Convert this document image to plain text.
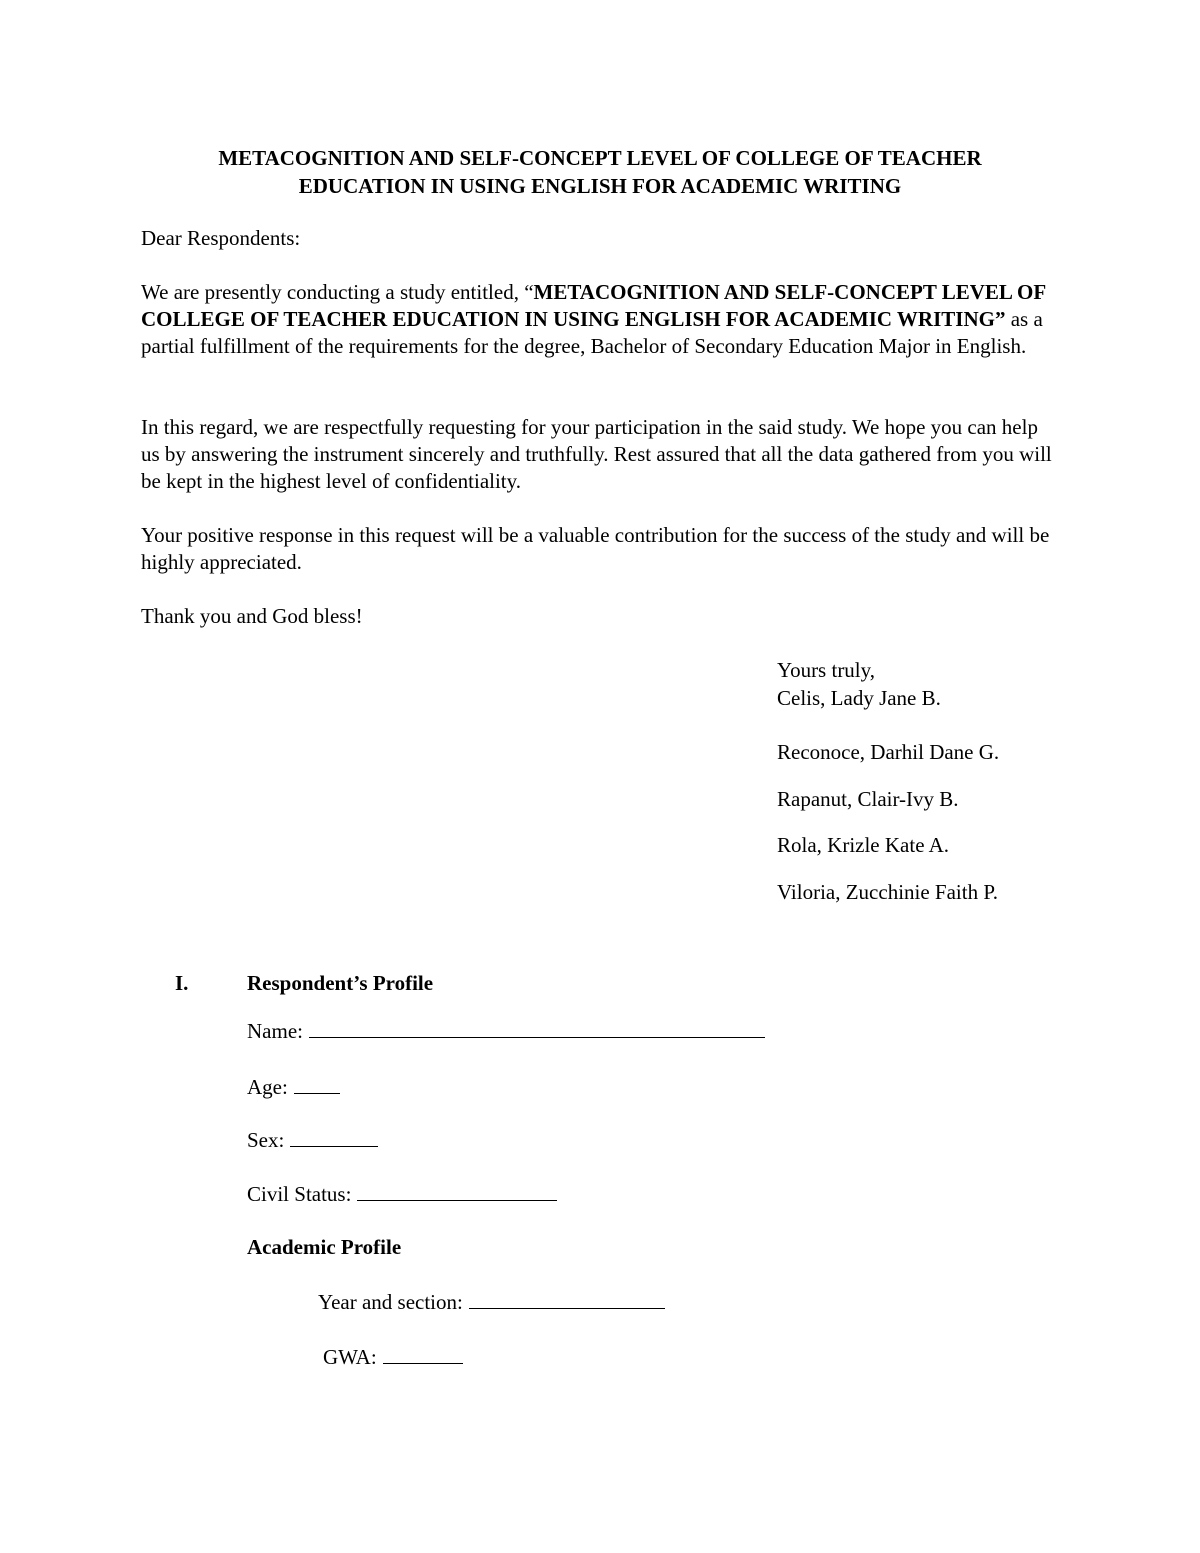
METACOGNITION AND SELF-CONCEPT LEVEL OF COLLEGE OF TEACHER
EDUCATION IN USING ENGLISH FOR ACADEMIC WRITING
Dear Respondents:
We are presently conducting a study entitled, “METACOGNITION AND SELF-CONCEPT LEVEL OF COLLEGE OF TEACHER EDUCATION IN USING ENGLISH FOR ACADEMIC WRITING” as a partial fulfillment of the requirements for the degree, Bachelor of Secondary Education Major in English.
In this regard, we are respectfully requesting for your participation in the said study. We hope you can help us by answering the instrument sincerely and truthfully. Rest assured that all the data gathered from you will be kept in the highest level of confidentiality.
Your positive response in this request will be a valuable contribution for the success of the study and will be highly appreciated.
Thank you and God bless!
Yours truly,
Celis, Lady Jane B.
Reconoce, Darhil Dane G.
Rapanut, Clair-Ivy B.
Rola, Krizle Kate A.
Viloria, Zucchinie Faith P.
I.	Respondent’s Profile
Name:
Age:
Sex:
Civil Status:
Academic Profile
Year and section:
GWA:
